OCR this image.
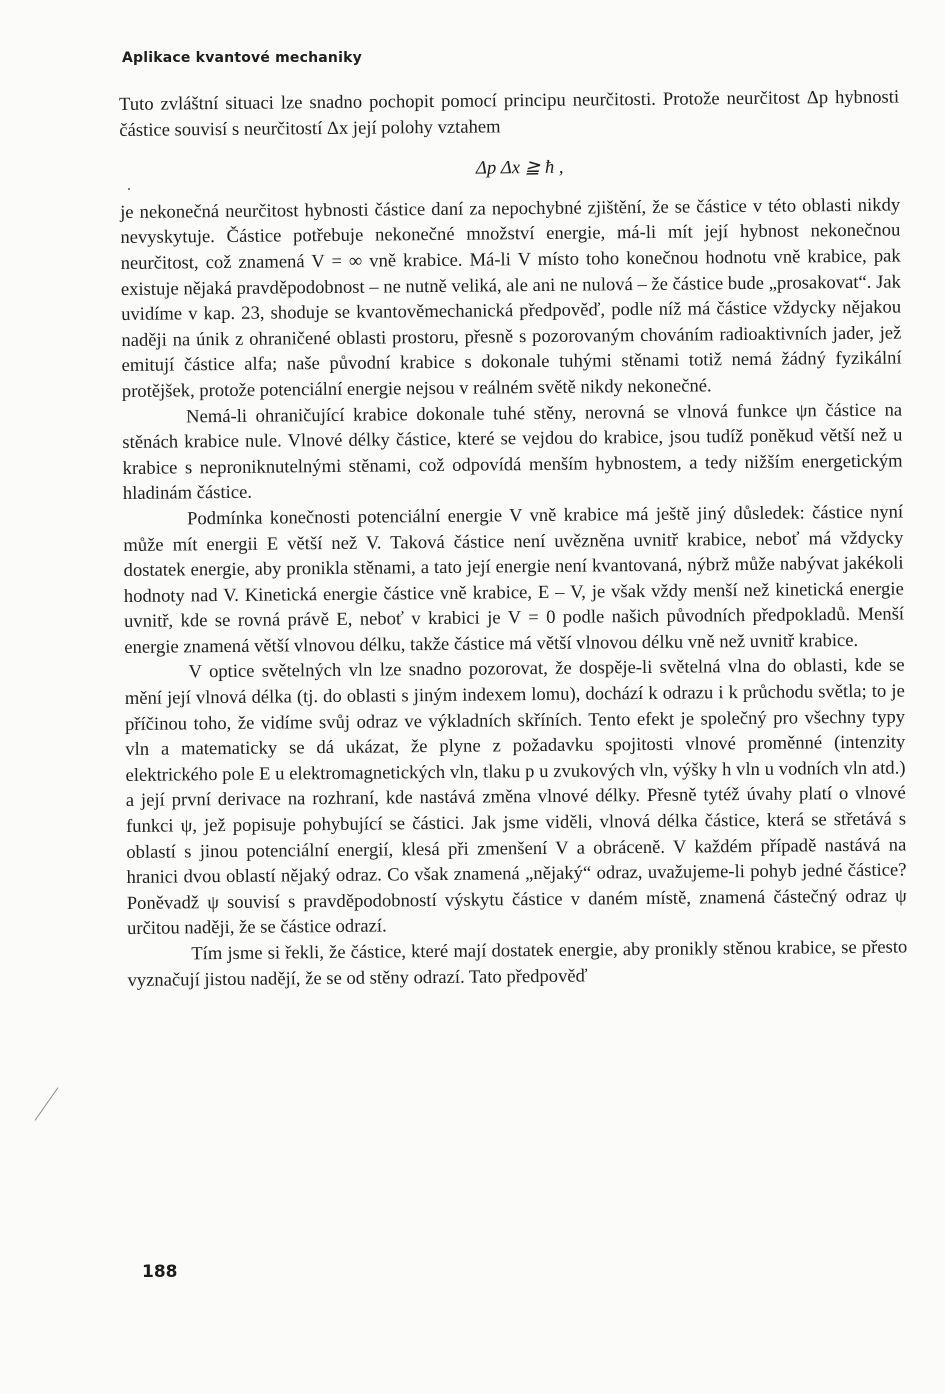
Aplikace kvantové mechaniky

Tuto zvláštní situaci lze snadno pochopit pomocí principu neurčitosti. Protože neurčitost Δp hybnosti částice souvisí s neurčitostí Δx její polohy vztahem

Δp Δx ≧ ħ ,

je nekonečná neurčitost hybnosti částice daní za nepochybné zjištění, že se částice v této oblasti nikdy nevyskytuje. Částice potřebuje nekonečné množství energie, má-li mít její hybnost nekonečnou neurčitost, což znamená V = ∞ vně krabice. Má-li V místo toho konečnou hodnotu vně krabice, pak existuje nějaká pravděpodobnost – ne nutně veliká, ale ani ne nulová – že částice bude „prosakovat“. Jak uvidíme v kap. 23, shoduje se kvantověmechanická předpověď, podle níž má částice vždycky nějakou naději na únik z ohraničené oblasti prostoru, přesně s pozorovaným chováním radioaktivních jader, jež emitují částice alfa; naše původní krabice s dokonale tuhými stěnami totiž nemá žádný fyzikální protějšek, protože potenciální energie nejsou v reálném světě nikdy nekonečné.

Nemá-li ohraničující krabice dokonale tuhé stěny, nerovná se vlnová funkce ψn částice na stěnách krabice nule. Vlnové délky částice, které se vejdou do krabice, jsou tudíž poněkud větší než u krabice s neproniknutelnými stěnami, což odpovídá menším hybnostem, a tedy nižším energetickým hladinám částice.

Podmínka konečnosti potenciální energie V vně krabice má ještě jiný důsledek: částice nyní může mít energii E větší než V. Taková částice není uvězněna uvnitř krabice, neboť má vždycky dostatek energie, aby pronikla stěnami, a tato její energie není kvantovaná, nýbrž může nabývat jakékoli hodnoty nad V. Kinetická energie částice vně krabice, E – V, je však vždy menší než kinetická energie uvnitř, kde se rovná právě E, neboť v krabici je V = 0 podle našich původních předpokladů. Menší energie znamená větší vlnovou délku, takže částice má větší vlnovou délku vně než uvnitř krabice.

V optice světelných vln lze snadno pozorovat, že dospěje-li světelná vlna do oblasti, kde se mění její vlnová délka (tj. do oblasti s jiným indexem lomu), dochází k odrazu i k průchodu světla; to je příčinou toho, že vidíme svůj odraz ve výkladních skříních. Tento efekt je společný pro všechny typy vln a matematicky se dá ukázat, že plyne z požadavku spojitosti vlnové proměnné (intenzity elektrického pole E u elektromagnetických vln, tlaku p u zvukových vln, výšky h vln u vodních vln atd.) a její první derivace na rozhraní, kde nastává změna vlnové délky. Přesně tytéž úvahy platí o vlnové funkci ψ, jež popisuje pohybující se částici. Jak jsme viděli, vlnová délka částice, která se střetává s oblastí s jinou potenciální energií, klesá při zmenšení V a obráceně. V každém případě nastává na hranici dvou oblastí nějaký odraz. Co však znamená „nějaký“ odraz, uvažujeme-li pohyb jedné částice? Poněvadž ψ souvisí s pravděpodobností výskytu částice v daném místě, znamená částečný odraz ψ určitou naději, že se částice odrazí.

Tím jsme si řekli, že částice, které mají dostatek energie, aby pronikly stěnou krabice, se přesto vyznačují jistou nadějí, že se od stěny odrazí. Tato předpověď

188
